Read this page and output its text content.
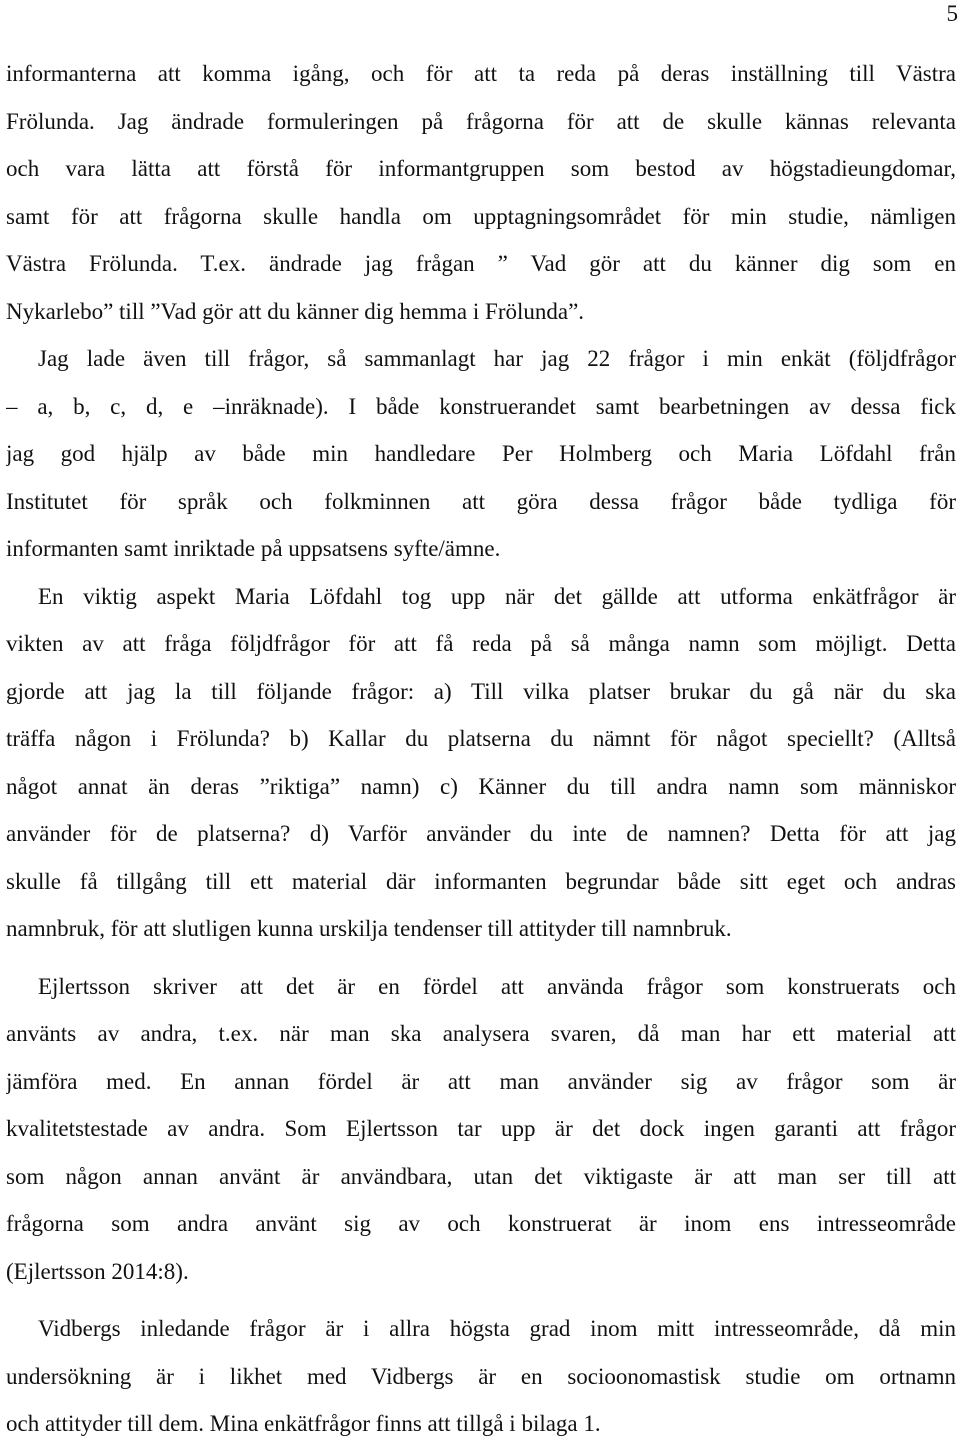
5
informanterna att komma igång, och för att ta reda på deras inställning till Västra
Frölunda. Jag ändrade formuleringen på frågorna för att de skulle kännas relevanta
och vara lätta att förstå för informantgruppen som bestod av högstadieungdomar,
samt för att frågorna skulle handla om upptagningsområdet för min studie, nämligen
Västra Frölunda. T.ex. ändrade jag frågan ” Vad gör att du känner dig som en
Nykarlebo” till ”Vad gör att du känner dig hemma i Frölunda”.
Jag lade även till frågor, så sammanlagt har jag 22 frågor i min enkät (följdfrågor
– a, b, c, d, e –inräknade). I både konstruerandet samt bearbetningen av dessa fick
jag god hjälp av både min handledare Per Holmberg och Maria Löfdahl från
Institutet för språk och folkminnen att göra dessa frågor både tydliga för
informanten samt inriktade på uppsatsens syfte/ämne.
En viktig aspekt Maria Löfdahl tog upp när det gällde att utforma enkätfrågor är
vikten av att fråga följdfrågor för att få reda på så många namn som möjligt. Detta
gjorde att jag la till följande frågor: a) Till vilka platser brukar du gå när du ska
träffa någon i Frölunda? b) Kallar du platserna du nämnt för något speciellt? (Alltså
något annat än deras ”riktiga” namn) c) Känner du till andra namn som människor
använder för de platserna? d) Varför använder du inte de namnen? Detta för att jag
skulle få tillgång till ett material där informanten begrundar både sitt eget och andras
namnbruk, för att slutligen kunna urskilja tendenser till attityder till namnbruk.
Ejlertsson skriver att det är en fördel att använda frågor som konstruerats och
använts av andra, t.ex. när man ska analysera svaren, då man har ett material att
jämföra med. En annan fördel är att man använder sig av frågor som är
kvalitetstestade av andra. Som Ejlertsson tar upp är det dock ingen garanti att frågor
som någon annan använt är användbara, utan det viktigaste är att man ser till att
frågorna som andra använt sig av och konstruerat är inom ens intresseområde
(Ejlertsson 2014:8).
Vidbergs inledande frågor är i allra högsta grad inom mitt intresseområde, då min
undersökning är i likhet med Vidbergs är en socioonomastisk studie om ortnamn
och attityder till dem. Mina enkätfrågor finns att tillgå i bilaga 1.
